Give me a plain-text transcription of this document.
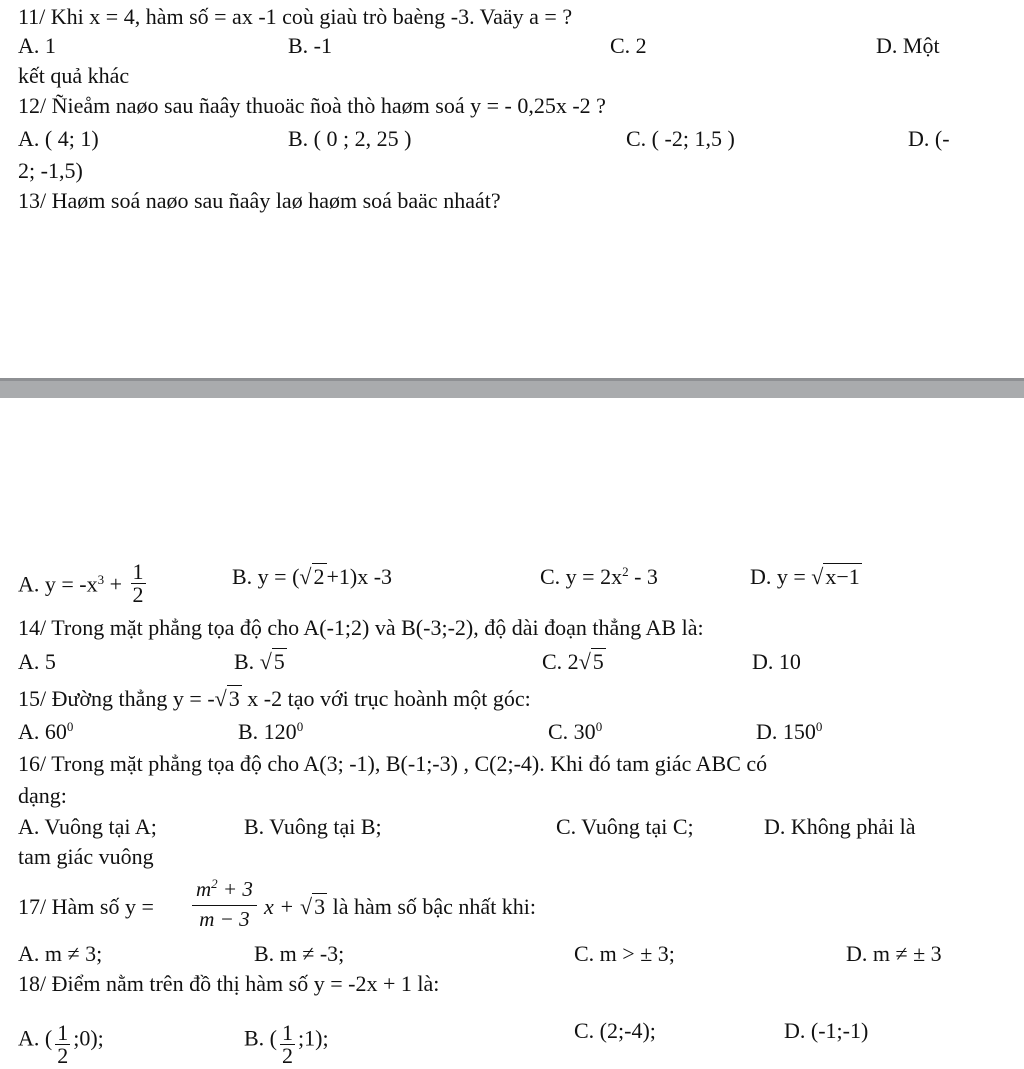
11/ Khi x = 4, hàm số = ax -1 coù giaù trò baèng -3. Vaäy a = ?
A. 1	B. -1	C. 2	D. Một
kết quả khác
12/ Ñieåm naøo sau ñaây thuoäc ñoà thò haøm soá y = - 0,25x -2 ?
A. ( 4; 1)	B. ( 0 ; 2, 25 )	C. ( -2; 1,5 )	D. (-
2; -1,5)
13/ Haøm soá naøo sau ñaây laø haøm soá baäc nhaát?
A. $y = -x^3 + \frac{1}{2}$	B. y = (√2+1)x -3	C. $y = 2x^2 - 3$	D. y = √x−1
14/ Trong mặt phẳng tọa độ cho A(-1;2) và B(-3;-2), độ dài đoạn thẳng AB là:
A. 5	B. √5	C. 2√5	D. 10
15/ Đường thẳng y = -√3 x -2 tạo với trục hoành một góc:
A. $60^0$	B. $120^0$	C. $30^0$	D. $150^0$
16/ Trong mặt phẳng tọa độ cho A(3; -1), B(-1;-3) , C(2;-4). Khi đó tam giác ABC có
dạng:
A. Vuông tại A;	B. Vuông tại B;	C. Vuông tại C;	D. Không phải là
tam giác vuông
17/ Hàm số y =
$m^2 + 3$
m − 3 x + √3 là hàm số bậc nhất khi:
A. m ≠ 3;	B. m ≠ -3;	C. m > ± 3;	D. m ≠ ± 3
18/ Điểm nằm trên đồ thị hàm số y = -2x + 1 là:
A. ( $\frac{1}{2}$ ;0);	B. ( $\frac{1}{2}$ ;1);	C. (2;-4);	D. (-1;-1)
